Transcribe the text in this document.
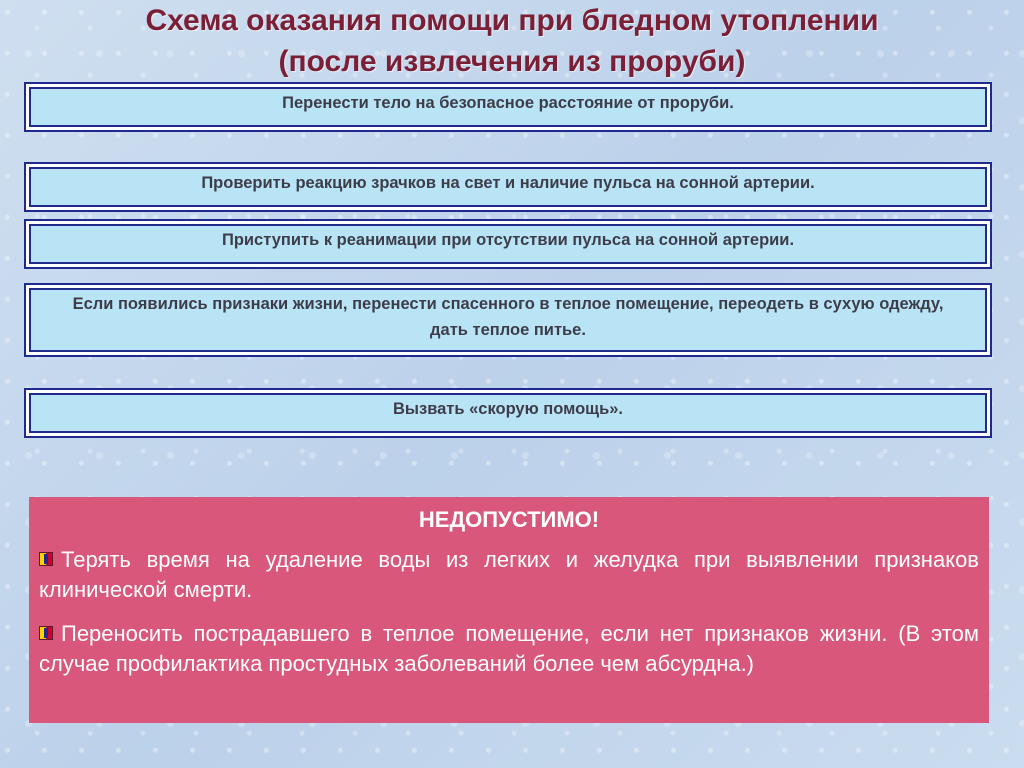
Схема оказания помощи при бледном утоплении
(после извлечения из проруби)
Перенести тело на безопасное расстояние от проруби.
Проверить реакцию зрачков на свет и наличие пульса на сонной артерии.
Приступить к реанимации при отсутствии пульса на сонной артерии.
Если появились признаки жизни, перенести спасенного в теплое помещение, переодеть в сухую одежду, дать теплое питье.
Вызвать «скорую помощь».
НЕДОПУСТИМО!
Терять время на удаление воды из легких и желудка при выявлении признаков клинической смерти.
Переносить пострадавшего в теплое помещение, если нет признаков жизни. (В этом случае профилактика простудных заболеваний более чем абсурдна.)
